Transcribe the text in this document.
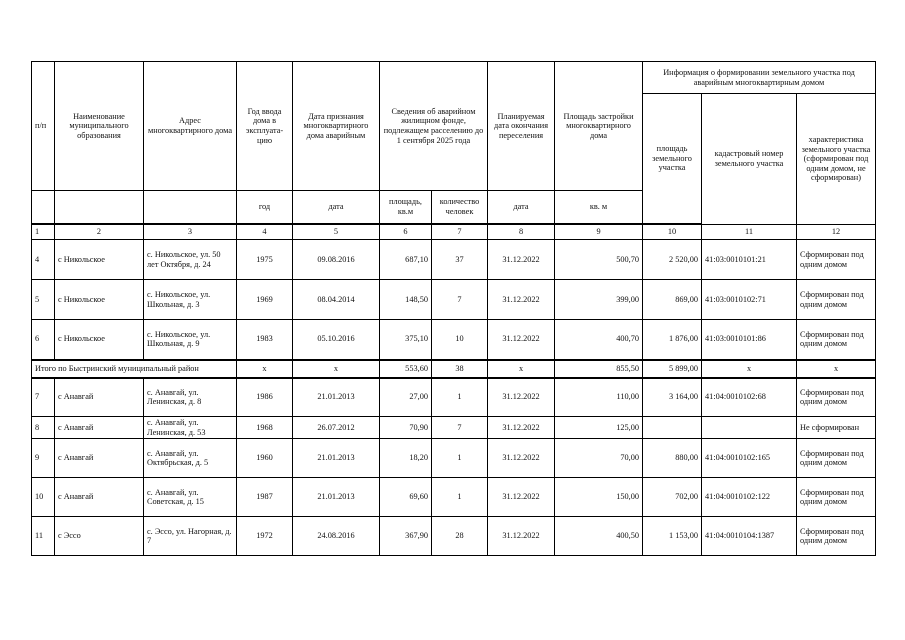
п/п	Наименование муниципального образования	Адрес многоквартирного дома	Год ввода дома в эксплуата-цию	Дата признания многоквартирного дома аварийным	Сведения об аварийном жилищном фонде, подлежащем расселению до 1 сентября 2025 года		Планируемая дата окончания переселения	Площадь застройки многоквартирного дома	Информация о формировании земельного участка под аварийным многоквартирным домом		
									площадь земельного участка	кадастровый номер земельного участка	характеристика земельного участка (сформирован под одним домом, не сформирован)
			год	дата	площадь, кв.м	количество человек	дата	кв. м			

1	2	3	4	5	6	7	8	9	10	11	12
4	с Никольское	с. Никольское, ул. 50 лет Октября, д. 24	1975	09.08.2016	687,10	37	31.12.2022	500,70	2 520,00	41:03:0010101:21	Сформирован под одним домом
5	с Никольское	с. Никольское, ул. Школьная, д. 3	1969	08.04.2014	148,50	7	31.12.2022	399,00	869,00	41:03:0010102:71	Сформирован под одним домом
6	с Никольское	с. Никольское, ул. Школьная, д. 9	1983	05.10.2016	375,10	10	31.12.2022	400,70	1 876,00	41:03:0010101:86	Сформирован под одним домом
Итого по Быстринский муниципальный район			x	x	553,60	38	x	855,50	5 899,00	x	x
7	с Анавгай	с. Анавгай, ул. Ленинская, д. 8	1986	21.01.2013	27,00	1	31.12.2022	110,00	3 164,00	41:04:0010102:68	Сформирован под одним домом
8	с Анавгай	с. Анавгай, ул. Ленинская, д. 53	1968	26.07.2012	70,90	7	31.12.2022	125,00			Не сформирован
9	с Анавгай	с. Анавгай, ул. Октябрьская, д. 5	1960	21.01.2013	18,20	1	31.12.2022	70,00	880,00	41:04:0010102:165	Сформирован под одним домом
10	с Анавгай	с. Анавгай, ул. Советская, д. 15	1987	21.01.2013	69,60	1	31.12.2022	150,00	702,00	41:04:0010102:122	Сформирован под одним домом
11	с Эссо	с. Эссо, ул. Нагорная, д. 7	1972	24.08.2016	367,90	28	31.12.2022	400,50	1 153,00	41:04:0010104:1387	Сформирован под одним домом
